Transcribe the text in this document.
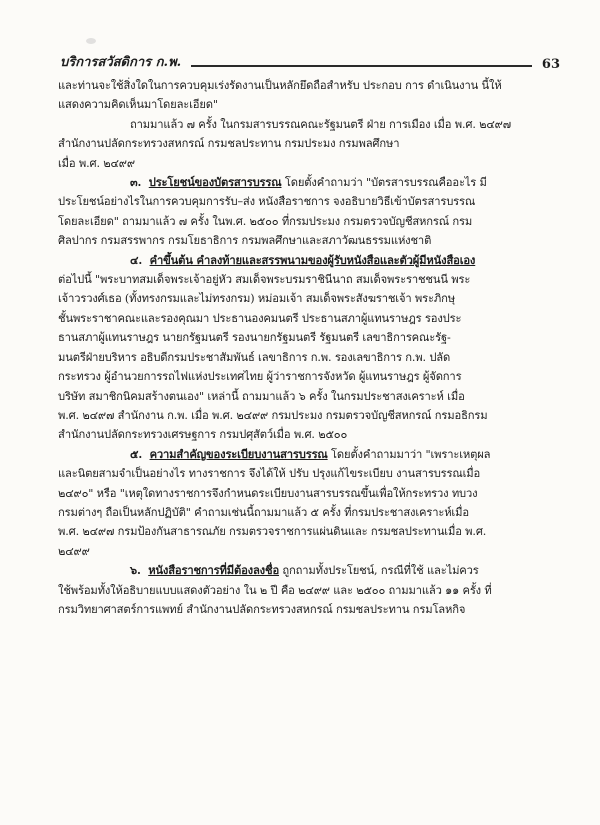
บริการสวัสดิการ ก.พ.	63
และท่านจะใช้สิ่งใดในการควบคุมเร่งรัดงานเป็นหลักยึดถือสำหรับ ประกอบ การ ดำเนินงาน นี้ให้
แสดงความคิดเห็นมาโดยละเอียด"
ถามมาแล้ว ๗ ครั้ง ในกรมสารบรรณคณะรัฐมนตรี ฝ่าย การเมือง เมื่อ พ.ศ. ๒๔๙๗
สำนักงานปลัดกระทรวงสหกรณ์ กรมชลประทาน กรมประมง กรมพลศึกษา
เมื่อ พ.ศ. ๒๔๙๙
๓. ประโยชน์ของบัตรสารบรรณ โดยตั้งคำถามว่า "บัตรสารบรรณคืออะไร มี
ประโยชน์อย่างไรในการควบคุมการรับ–ส่ง หนังสือราชการ จงอธิบายวิธีเข้าบัตรสารบรรณ
โดยละเอียด" ถามมาแล้ว ๗ ครั้ง ในพ.ศ. ๒๕๐๐ ที่กรมประมง กรมตรวจบัญชีสหกรณ์ กรม
ศิลปากร กรมสรรพากร กรมโยธาธิการ กรมพลศึกษาและสภาวัฒนธรรมแห่งชาติ
๔. คำขึ้นต้น คำลงท้ายและสรรพนามของผู้รับหนังสือและตัวผู้มีหนังสือเอง
ต่อไปนี้ "พระบาทสมเด็จพระเจ้าอยู่หัว สมเด็จพระบรมราชินีนาถ สมเด็จพระราชชนนี พระ
เจ้าวรวงศ์เธอ (ทั้งทรงกรมและไม่ทรงกรม) หม่อมเจ้า สมเด็จพระสังฆราชเจ้า พระภิกษุ
ชั้นพระราชาคณะและรองคุณมา ประธานองคมนตรี ประธานสภาผู้แทนราษฎร รองประ
ธานสภาผู้แทนราษฎร นายกรัฐมนตรี รองนายกรัฐมนตรี รัฐมนตรี เลขาธิการคณะรัฐ-
มนตรีฝ่ายบริหาร อธิบดีกรมประชาสัมพันธ์ เลขาธิการ ก.พ. รองเลขาธิการ ก.พ. ปลัด
กระทรวง ผู้อำนวยการรถไฟแห่งประเทศไทย ผู้ว่าราชการจังหวัด ผู้แทนราษฎร ผู้จัดการ
บริษัท สมาชิกนิคมสร้างตนเอง" เหล่านี้ ถามมาแล้ว ๖ ครั้ง ในกรมประชาสงเคราะห์ เมื่อ
พ.ศ. ๒๔๙๗ สำนักงาน ก.พ. เมื่อ พ.ศ. ๒๔๙๙ กรมประมง กรมตรวจบัญชีสหกรณ์ กรมอธิกรม
สำนักงานปลัดกระทรวงเศรษฐการ กรมปศุสัตว์เมื่อ พ.ศ. ๒๕๐๐
๕. ความสำคัญของระเบียบงานสารบรรณ โดยตั้งคำถามมาว่า "เพราะเหตุผล
และนิตยสามจำเป็นอย่างไร ทางราชการ จึงได้ให้ ปรับ ปรุงแก้ไขระเบียบ งานสารบรรณเมื่อ
๒๔๙๐" หรือ "เหตุใดทางราชการจึงกำหนดระเบียบงานสารบรรณขึ้นเพื่อให้กระทรวง ทบวง
กรมต่างๆ ถือเป็นหลักปฏิบัติ" คำถามเช่นนี้ถามมาแล้ว ๕ ครั้ง ที่กรมประชาสงเคราะห์เมื่อ
พ.ศ. ๒๔๙๗ กรมป้องกันสาธารณภัย กรมตรวจราชการแผ่นดินและ กรมชลประทานเมื่อ พ.ศ.
๒๔๙๙
๖. หนังสือราชการที่มีต้องลงชื่อ ถูกถามทั้งประโยชน์, กรณีที่ใช้ และไม่ควร
ใช้พร้อมทั้งให้อธิบายแบบแสดงตัวอย่าง ใน ๒ ปี คือ ๒๔๙๙ และ ๒๕๐๐ ถามมาแล้ว ๑๑ ครั้ง ที่
กรมวิทยาศาสตร์การแพทย์ สำนักงานปลัดกระทรวงสหกรณ์ กรมชลประทาน กรมโลหกิจ
